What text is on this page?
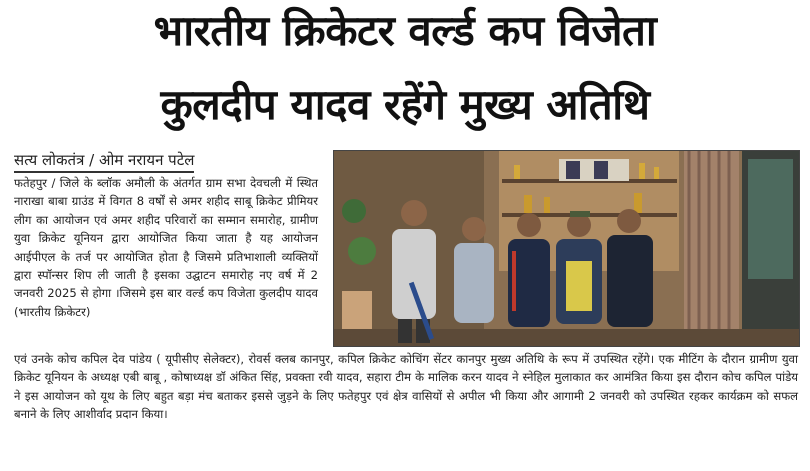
भारतीय क्रिकेटर वर्ल्ड कप विजेता
कुलदीप यादव रहेंगे मुख्य अतिथि
सत्य लोकतंत्र / ओम नरायन पटेल
फतेहपुर / जिले के ब्लॉक अमौली के अंतर्गत ग्राम सभा देवचली में स्थित नाराखा बाबा ग्राउंड में विगत 8 वर्षों से अमर शहीद साबू क्रिकेट प्रीमियर लीग का आयोजन एवं अमर शहीद परिवारों का सम्मान समारोह, ग्रामीण युवा क्रिकेट यूनियन द्वारा आयोजित किया जाता है यह आयोजन आईपीएल के तर्ज पर आयोजित होता है जिसमे प्रतिभाशाली व्यक्तियों द्वारा स्पॉन्सर शिप ली जाती है इसका उद्घाटन समारोह नए वर्ष में 2 जनवरी 2025 से होगा ।जिसमे इस बार वर्ल्ड कप विजेता कुलदीप यादव (भारतीय क्रिकेटर)
एवं उनके कोच कपिल देव पांडेय ( यूपीसीए सेलेक्टर), रोवर्स क्लब कानपुर, कपिल क्रिकेट कोचिंग सेंटर कानपुर मुख्य अतिथि के रूप में उपस्थित रहेंगे। एक मीटिंग के दौरान ग्रामीण युवा क्रिकेट यूनियन के अध्यक्ष एबी बाबू , कोषाध्यक्ष डॉ अंकित सिंह, प्रवक्ता रवी यादव, सहारा टीम के मालिक करन यादव ने स्नेहिल मुलाकात कर आमंत्रित किया इस दौरान कोच कपिल पांडेय ने इस आयोजन को यूथ के लिए बहुत बड़ा मंच बताकर इससे जुड़ने के लिए फतेहपुर एवं क्षेत्र वासियों से अपील भी किया और आगामी 2 जनवरी को उपस्थित रहकर कार्यक्रम को सफल बनाने के लिए आशीर्वाद प्रदान किया।
